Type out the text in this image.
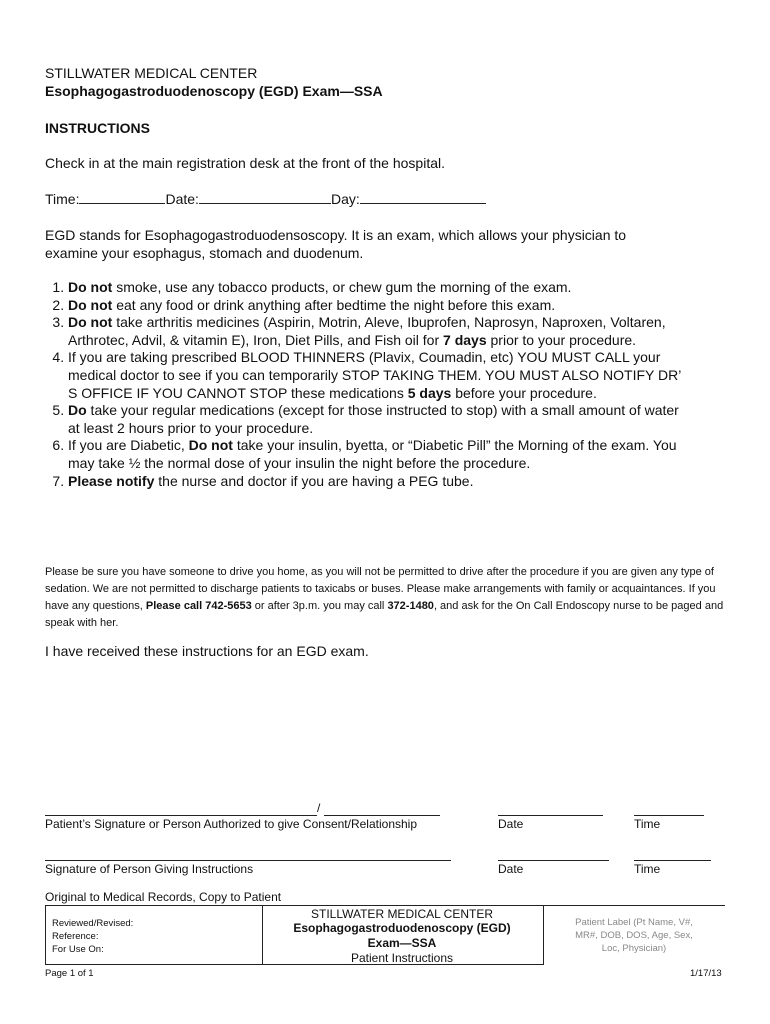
STILLWATER MEDICAL CENTER
Esophagogastroduodenoscopy (EGD) Exam—SSA
INSTRUCTIONS
Check in at the main registration desk at the front of the hospital.
Time:	Date:	Day:
EGD stands for Esophagogastroduodensoscopy. It is an exam, which allows your physician to
examine your esophagus, stomach and duodenum.
1. Do not smoke, use any tobacco products, or chew gum the morning of the exam.
2. Do not eat any food or drink anything after bedtime the night before this exam.
3. Do not take arthritis medicines (Aspirin, Motrin, Aleve, Ibuprofen, Naprosyn, Naproxen, Voltaren, Arthrotec, Advil, & vitamin E), Iron, Diet Pills, and Fish oil for 7 days prior to your procedure.
4. If you are taking prescribed BLOOD THINNERS (Plavix, Coumadin, etc) YOU MUST CALL your medical doctor to see if you can temporarily STOP TAKING THEM. YOU MUST ALSO NOTIFY DR’ S OFFICE IF YOU CANNOT STOP these medications 5 days before your procedure.
5. Do take your regular medications (except for those instructed to stop) with a small amount of water at least 2 hours prior to your procedure.
6. If you are Diabetic, Do not take your insulin, byetta, or “Diabetic Pill” the Morning of the exam. You may take ½ the normal dose of your insulin the night before the procedure.
7. Please notify the nurse and doctor if you are having a PEG tube.
Please be sure you have someone to drive you home, as you will not be permitted to drive after the procedure if you are given any type of sedation. We are not permitted to discharge patients to taxicabs or buses. Please make arrangements with family or acquaintances. If you have any questions, Please call 742-5653 or after 3p.m. you may call 372-1480, and ask for the On Call Endoscopy nurse to be paged and speak with her.
I have received these instructions for an EGD exam.
/
Patient’s Signature or Person Authorized to give Consent/Relationship	Date	Time
Signature of Person Giving Instructions	Date	Time
Original to Medical Records, Copy to Patient
Reviewed/Revised:
Reference:
For Use On:
STILLWATER MEDICAL CENTER
Esophagogastroduodenoscopy (EGD)
Exam—SSA
Patient Instructions
Patient Label (Pt Name, V#,
MR#, DOB, DOS, Age, Sex,
Loc, Physician)
Page 1 of 1	1/17/13
